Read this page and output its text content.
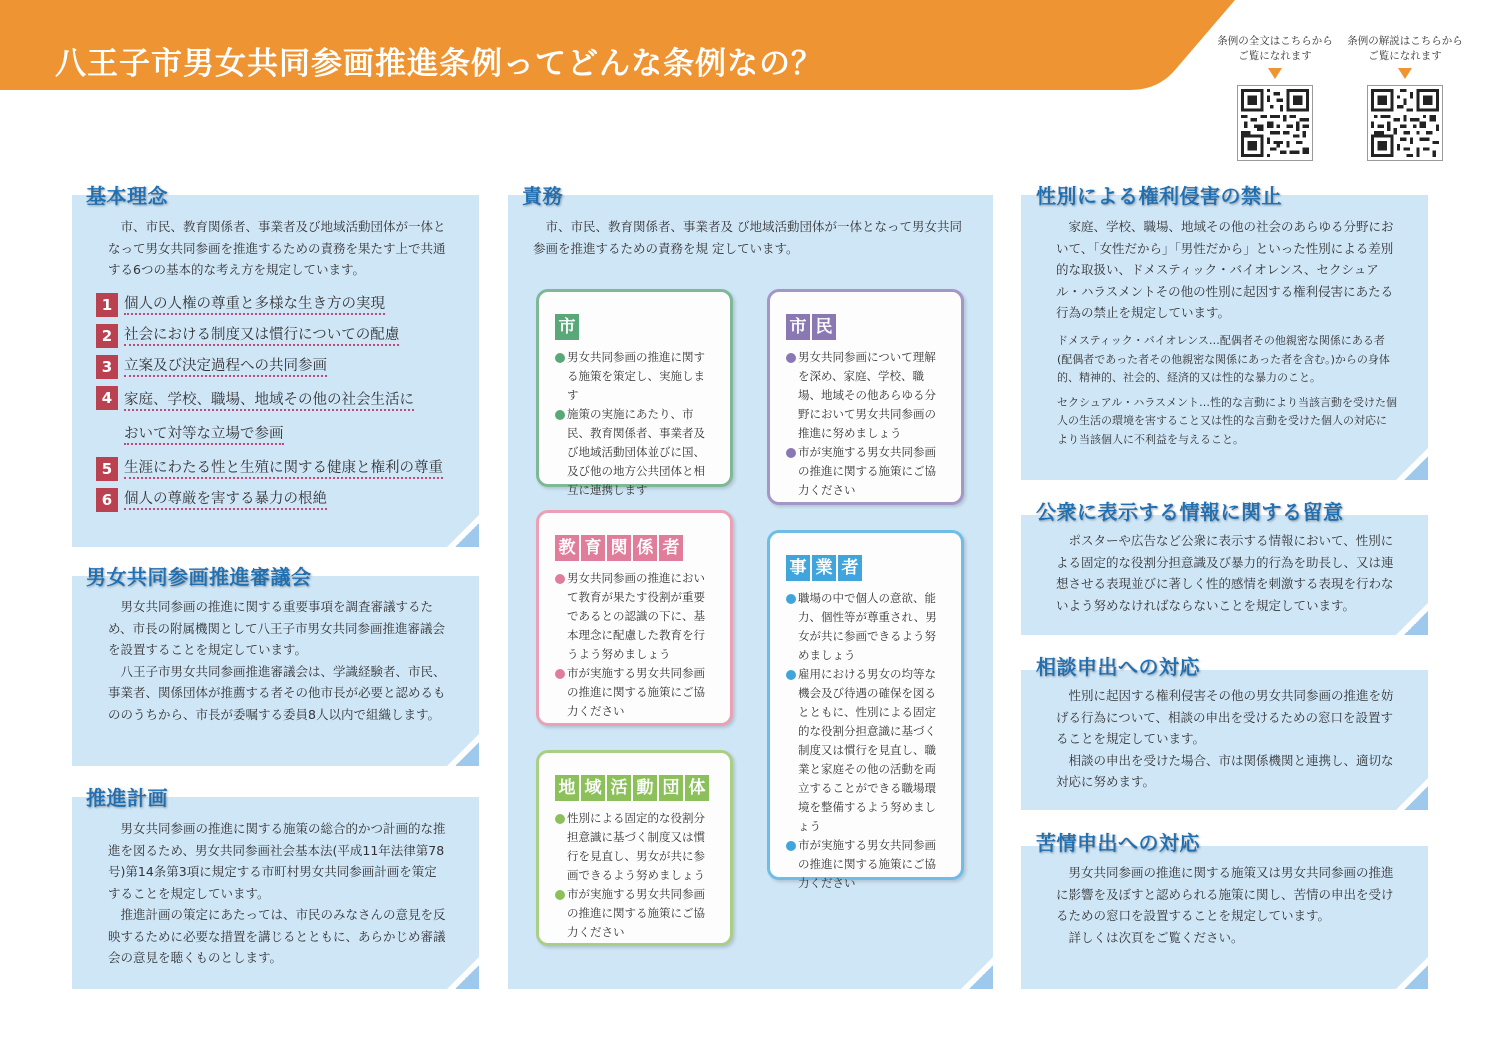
八王子市男女共同参画推進条例ってどんな条例なの？
条例の全文はこちらから
ご覧になれます
条例の解説はこちらから
ご覧になれます
基本理念

市、市民、教育関係者、事業者及び地域活動団体が一体となって男女共同参画を推進するための責務を果たす上で共通する6つの基本的な考え方を規定しています。

1 個人の人権の尊重と多様な生き方の実現
2 社会における制度又は慣行についての配慮
3 立案及び決定過程への共同参画
4 家庭、学校、職場、地域その他の社会生活に
おいて対等な立場で参画
5 生涯にわたる性と生殖に関する健康と権利の尊重
6 個人の尊厳を害する暴力の根絶
男女共同参画推進審議会

男女共同参画の推進に関する重要事項を調査審議するため、市長の附属機関として八王子市男女共同参画推進審議会を設置することを規定しています。

八王子市男女共同参画推進審議会は、学識経験者、市民、事業者、関係団体が推薦する者その他市長が必要と認めるもののうちから、市長が委嘱する委員8人以内で組織します。

推進計画

男女共同参画の推進に関する施策の総合的かつ計画的な推進を図るため、男女共同参画社会基本法(平成11年法律第78号)第14条第3項に規定する市町村男女共同参画計画を策定することを規定しています。

推進計画の策定にあたっては、市民のみなさんの意見を反映するために必要な措置を講じるとともに、あらかじめ審議会の意見を聴くものとします。

責務

市、市民、教育関係者、事業者及 び地域活動団体が一体となって男女共同参画を推進するための責務を規 定しています。

市
男女共同参画の推進に関する施策を策定し、実施します
施策の実施にあたり、市民、教育関係者、事業者及び地域活動団体並びに国、及び他の地方公共団体と相互に連携します
市 民
男女共同参画について理解を深め、家庭、学校、職場、地域その他あらゆる分野において男女共同参画の推進に努めましょう
市が実施する男女共同参画の推進に関する施策にご協力ください
教 育 関 係 者
男女共同参画の推進において教育が果たす役割が重要であるとの認識の下に、基本理念に配慮した教育を行うよう努めましょう
市が実施する男女共同参画の推進に関する施策にご協力ください
事 業 者
職場の中で個人の意欲、能力、個性等が尊重され、男女が共に参画できるよう努めましょう
雇用における男女の均等な機会及び待遇の確保を図るとともに、性別による固定的な役割分担意識に基づく制度又は慣行を見直し、職業と家庭その他の活動を両立することができる職場環境を整備するよう努めましょう
市が実施する男女共同参画の推進に関する施策にご協力ください
地 域 活 動 団 体
性別による固定的な役割分担意識に基づく制度又は慣行を見直し、男女が共に参画できるよう努めましょう
市が実施する男女共同参画の推進に関する施策にご協力ください
性別による権利侵害の禁止

家庭、学校、職場、地域その他の社会のあらゆる分野において、「女性だから」「男性だから」といった性別による差別的な取扱い、ドメスティック・バイオレンス、セクシュアル・ハラスメントその他の性別に起因する権利侵害にあたる行為の禁止を規定しています。

ドメスティック・バイオレンス…配偶者その他親密な関係にある者(配偶者であった者その他親密な関係にあった者を含む。)からの身体的、精神的、社会的、経済的又は性的な暴力のこと。

セクシュアル・ハラスメント…性的な言動により当該言動を受けた個人の生活の環境を害すること又は性的な言動を受けた個人の対応により当該個人に不利益を与えること。

公衆に表示する情報に関する留意

ポスターや広告など公衆に表示する情報において、性別による固定的な役割分担意識及び暴力的行為を助長し、又は連想させる表現並びに著しく性的感情を刺激する表現を行わないよう努めなければならないことを規定しています。

相談申出への対応

性別に起因する権利侵害その他の男女共同参画の推進を妨げる行為について、相談の申出を受けるための窓口を設置することを規定しています。

相談の申出を受けた場合、市は関係機関と連携し、適切な対応に努めます。

苦情申出への対応

男女共同参画の推進に関する施策又は男女共同参画の推進に影響を及ぼすと認められる施策に関し、苦情の申出を受けるための窓口を設置することを規定しています。

詳しくは次頁をご覧ください。
